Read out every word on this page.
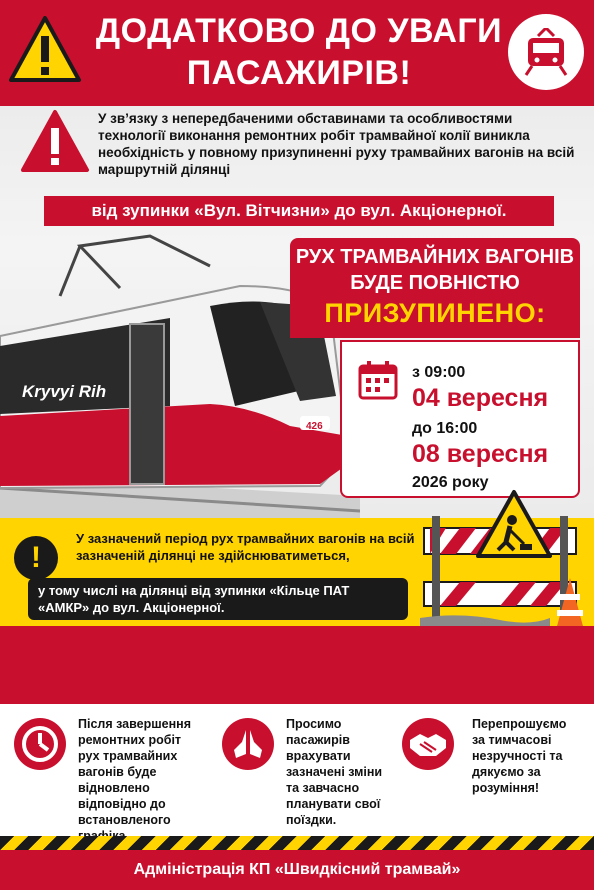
ДОДАТКОВО ДО УВАГИ
ПАСАЖИРІВ!
У зв’язку з непередбаченими обставинами та особливостями технології виконання ремонтних робіт трамвайної колії виникла необхідність у повному призупиненні руху трамвайних вагонів на всій маршрутній ділянці
від зупинки «Вул. Вітчизни» до вул. Акціонерної.
Kryvyi Rih
426
РУХ ТРАМВАЙНИХ ВАГОНІВ
БУДЕ ПОВНІСТЮ
ПРИЗУПИНЕНО:
з 09:00
04 вересня
до 16:00
08 вересня
2026 року
!
У зазначений період рух трамвайних вагонів на всій зазначеній ділянці не здійснюватиметься,
у тому числі на ділянці від зупинки «Кільце ПАТ «АМКР» до вул. Акціонерної.
Після завершення ремонтних робіт рух трамвайних вагонів буде відновлено відповідно до встановленого
Просимо пасажирів врахувати зазначені зміни та завчасно планувати свої поїздки.
Перепрошуємо за тимчасові незручності та дякуємо за розуміння!
Адміністрація КП «Швидкісний трамвай»
